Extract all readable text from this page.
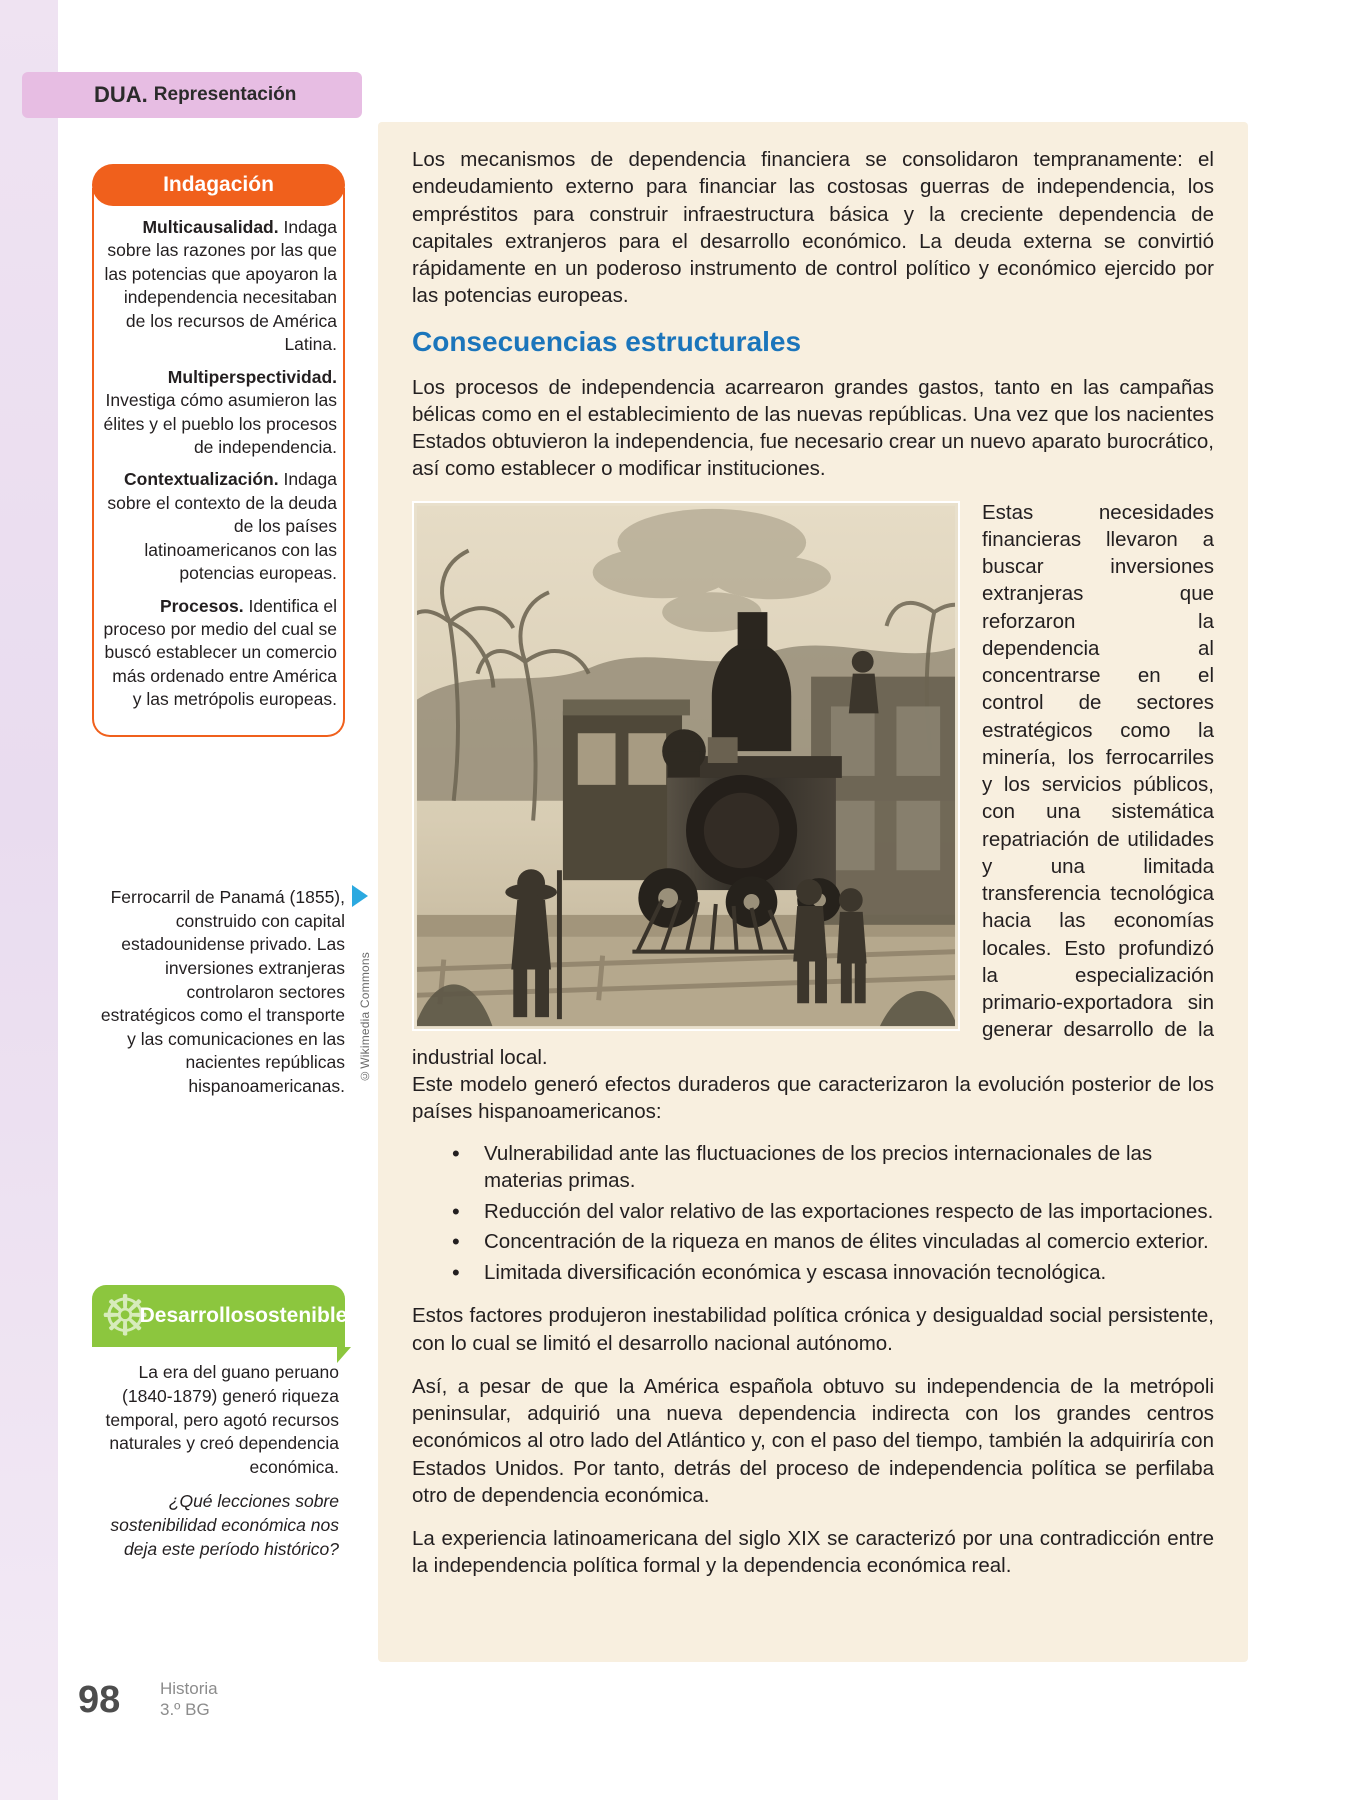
DUA. Representación
Indagación

Multicausalidad. Indaga sobre las razones por las que las potencias que apoyaron la independencia necesitaban de los recursos de América Latina.

Multiperspectividad. Investiga cómo asumieron las élites y el pueblo los procesos de independencia.

Contextualización. Indaga sobre el contexto de la deuda de los países latinoamericanos con las potencias europeas.

Procesos. Identifica el proceso por medio del cual se buscó establecer un comercio más ordenado entre América y las metrópolis europeas.

Ferrocarril de Panamá (1855), construido con capital estadounidense privado. Las inversiones extranjeras controlaron sectores estratégicos como el transporte y las comunicaciones en las nacientes repúblicas hispanoamericanas.
©Wikimedia Commons
Desarrollo sostenible
☸

La era del guano peruano (1840-1879) generó riqueza temporal, pero agotó recursos naturales y creó dependencia económica.

¿Qué lecciones sobre sostenibilidad económica nos deja este período histórico?

Los mecanismos de dependencia financiera se consolidaron tempranamente: el endeudamiento externo para financiar las costosas guerras de independencia, los empréstitos para construir infraestructura básica y la creciente dependencia de capitales extranjeros para el desarrollo económico. La deuda externa se convirtió rápidamente en un poderoso instrumento de control político y económico ejercido por las potencias europeas.

Consecuencias estructurales

Los procesos de independencia acarrearon grandes gastos, tanto en las campañas bélicas como en el establecimiento de las nuevas repúblicas. Una vez que los nacientes Estados obtuvieron la independencia, fue necesario crear un nuevo aparato burocrático, así como establecer o modificar instituciones.

Estas necesidades financieras llevaron a buscar inversiones extranjeras que reforzaron la dependencia al concentrarse en el control de sectores estratégicos como la minería, los ferrocarriles y los servicios públicos, con una sistemática repatriación de utilidades y una limitada transferencia tecnológica hacia las economías locales. Esto profundizó la especialización primario-exportadora sin generar desarrollo de la industrial local.

Este modelo generó efectos duraderos que caracterizaron la evolución posterior de los países hispanoamericanos:

• Vulnerabilidad ante las fluctuaciones de los precios internacionales de las materias primas.
• Reducción del valor relativo de las exportaciones respecto de las importaciones.
• Concentración de la riqueza en manos de élites vinculadas al comercio exterior.
• Limitada diversificación económica y escasa innovación tecnológica.

Estos factores produjeron inestabilidad política crónica y desigualdad social persistente, con lo cual se limitó el desarrollo nacional autónomo.

Así, a pesar de que la América española obtuvo su independencia de la metrópoli peninsular, adquirió una nueva dependencia indirecta con los grandes centros económicos al otro lado del Atlántico y, con el paso del tiempo, también la adquiriría con Estados Unidos. Por tanto, detrás del proceso de independencia política se perfilaba otro de dependencia económica.

La experiencia latinoamericana del siglo XIX se caracterizó por una contradicción entre la independencia política formal y la dependencia económica real.

98 Historia
3.º BG
